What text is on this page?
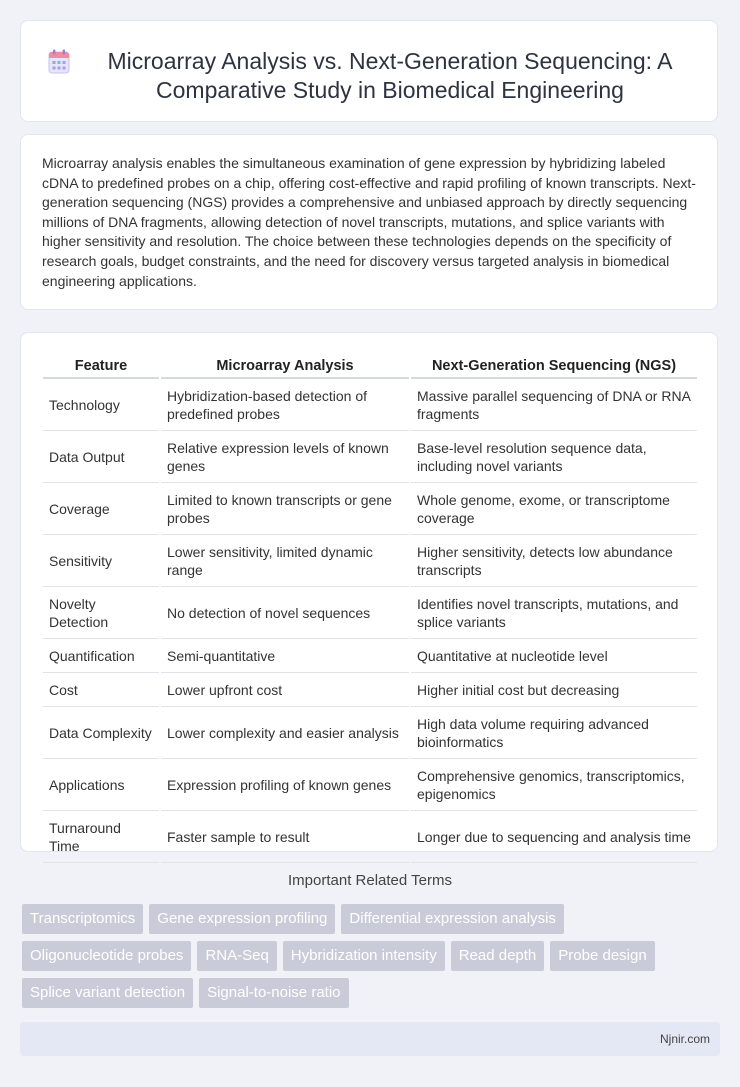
Microarray Analysis vs. Next-Generation Sequencing: A Comparative Study in Biomedical Engineering

Microarray analysis enables the simultaneous examination of gene expression by hybridizing labeled cDNA to predefined probes on a chip, offering cost-effective and rapid profiling of known transcripts. Next-generation sequencing (NGS) provides a comprehensive and unbiased approach by directly sequencing millions of DNA fragments, allowing detection of novel transcripts, mutations, and splice variants with higher sensitivity and resolution. The choice between these technologies depends on the specificity of research goals, budget constraints, and the need for discovery versus targeted analysis in biomedical engineering applications.

Feature	Microarray Analysis	Next-Generation Sequencing (NGS)
Technology	Hybridization-based detection of predefined probes	Massive parallel sequencing of DNA or RNA fragments
Data Output	Relative expression levels of known genes	Base-level resolution sequence data, including novel variants
Coverage	Limited to known transcripts or gene probes	Whole genome, exome, or transcriptome coverage
Sensitivity	Lower sensitivity, limited dynamic range	Higher sensitivity, detects low abundance transcripts
Novelty Detection	No detection of novel sequences	Identifies novel transcripts, mutations, and splice variants
Quantification	Semi-quantitative	Quantitative at nucleotide level
Cost	Lower upfront cost	Higher initial cost but decreasing
Data Complexity	Lower complexity and easier analysis	High data volume requiring advanced bioinformatics
Applications	Expression profiling of known genes	Comprehensive genomics, transcriptomics, epigenomics
Turnaround Time	Faster sample to result	Longer due to sequencing and analysis time
Important Related Terms
Transcriptomics	Gene expression profiling	Differential expression analysis
Oligonucleotide probes	RNA-Seq	Hybridization intensity	Read depth	Probe design
Splice variant detection	Signal-to-noise ratio
Njnir.com
